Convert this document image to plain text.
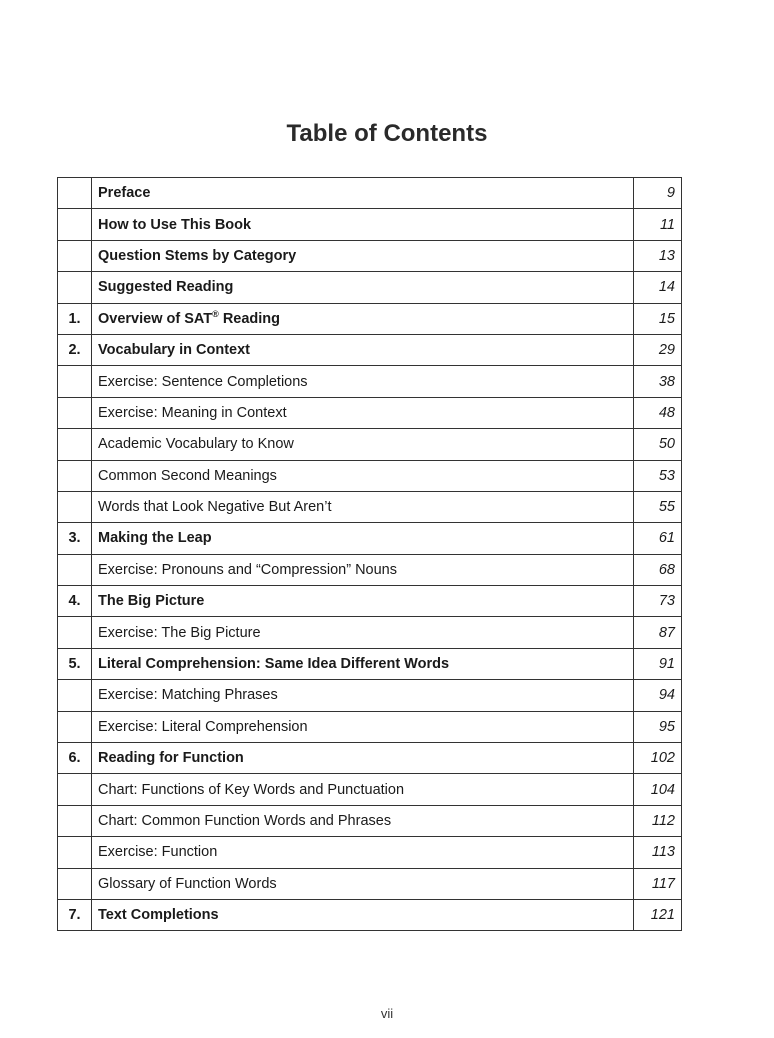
Table of Contents
	Preface	9
	How to Use This Book	11
	Question Stems by Category	13
	Suggested Reading	14
1.	Overview of SAT® Reading	15
2.	Vocabulary in Context	29
	Exercise: Sentence Completions	38
	Exercise: Meaning in Context	48
	Academic Vocabulary to Know	50
	Common Second Meanings	53
	Words that Look Negative But Aren’t	55
3.	Making the Leap	61
	Exercise: Pronouns and “Compression” Nouns	68
4.	The Big Picture	73
	Exercise: The Big Picture	87
5.	Literal Comprehension: Same Idea Different Words	91
	Exercise: Matching Phrases	94
	Exercise: Literal Comprehension	95
6.	Reading for Function	102
	Chart: Functions of Key Words and Punctuation	104
	Chart: Common Function Words and Phrases	112
	Exercise: Function	113
	Glossary of Function Words	117
7.	Text Completions	121
vii
